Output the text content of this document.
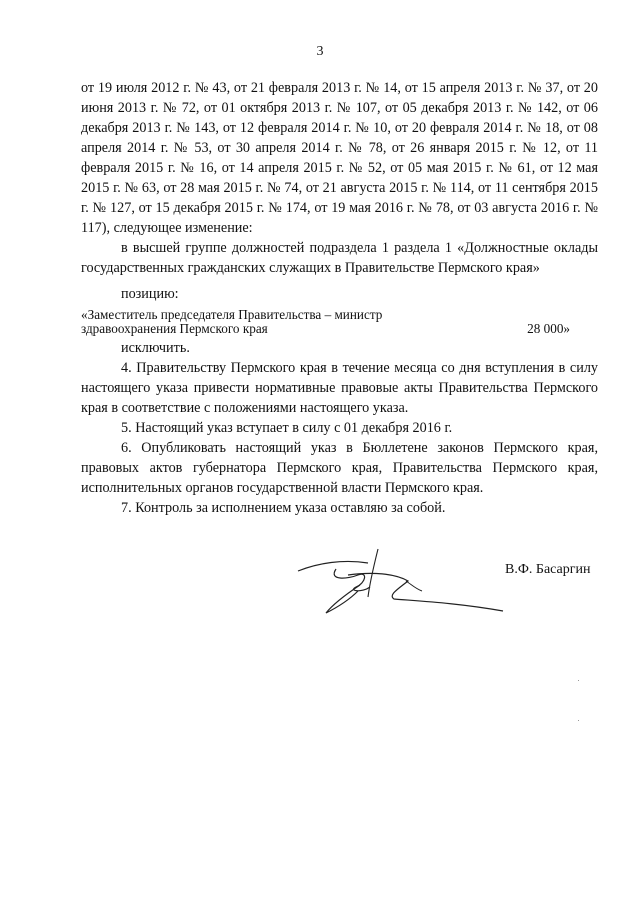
3

от 19 июля 2012 г. № 43, от 21 февраля 2013 г. № 14, от 15 апреля 2013 г. № 37, от 20 июня 2013 г. № 72, от 01 октября 2013 г. № 107, от 05 декабря 2013 г. № 142, от 06 декабря 2013 г. № 143, от 12 февраля 2014 г. № 10, от 20 февраля 2014 г. № 18, от 08 апреля 2014 г. № 53, от 30 апреля 2014 г. № 78, от 26 января 2015 г. № 12, от 11 февраля 2015 г. № 16, от 14 апреля 2015 г. № 52, от 05 мая 2015 г. № 61, от 12 мая 2015 г. № 63, от 28 мая 2015 г. № 74, от 21 августа 2015 г. № 114, от 11 сентября 2015 г. № 127, от 15 декабря 2015 г. № 174, от 19 мая 2016 г. № 78, от 03 августа 2016 г. № 117), следующее изменение:

в высшей группе должностей подраздела 1 раздела 1 «Должностные оклады государственных гражданских служащих в Правительстве Пермского края»

позицию:

«Заместитель председателя Правительства – министр здравоохранения Пермского края	28 000»

исключить.

4. Правительству Пермского края в течение месяца со дня вступления в силу настоящего указа привести нормативные правовые акты Правительства Пермского края в соответствие с положениями настоящего указа.

5. Настоящий указ вступает в силу с 01 декабря 2016 г.

6. Опубликовать настоящий указ в Бюллетене законов Пермского края, правовых актов губернатора Пермского края, Правительства Пермского края, исполнительных органов государственной власти Пермского края.

7. Контроль за исполнением указа оставляю за собой.

В.Ф. Басаргин
